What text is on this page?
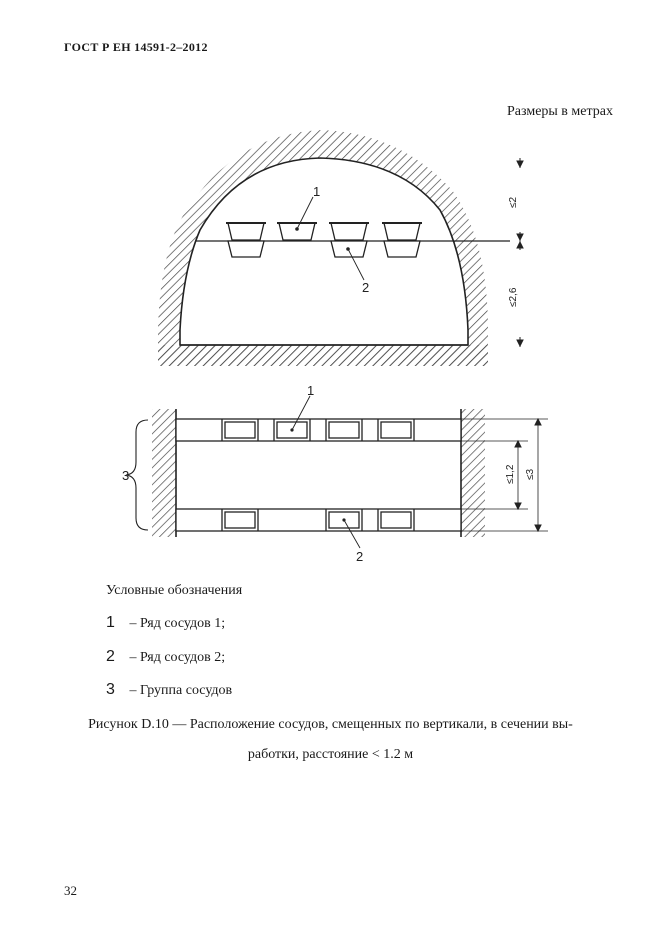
ГОСТ Р ЕН 14591-2–2012
Размеры в метрах
1
2
≤2
≤2,6
1
2
3	≤1,2 ≤3
Условные обозначения
1 – Ряд сосудов 1;
2 – Ряд сосудов 2;
3 – Группа сосудов
Рисунок D.10 — Расположение сосудов, смещенных по вертикали, в сечении вы-
работки, расстояние < 1.2 м
32
